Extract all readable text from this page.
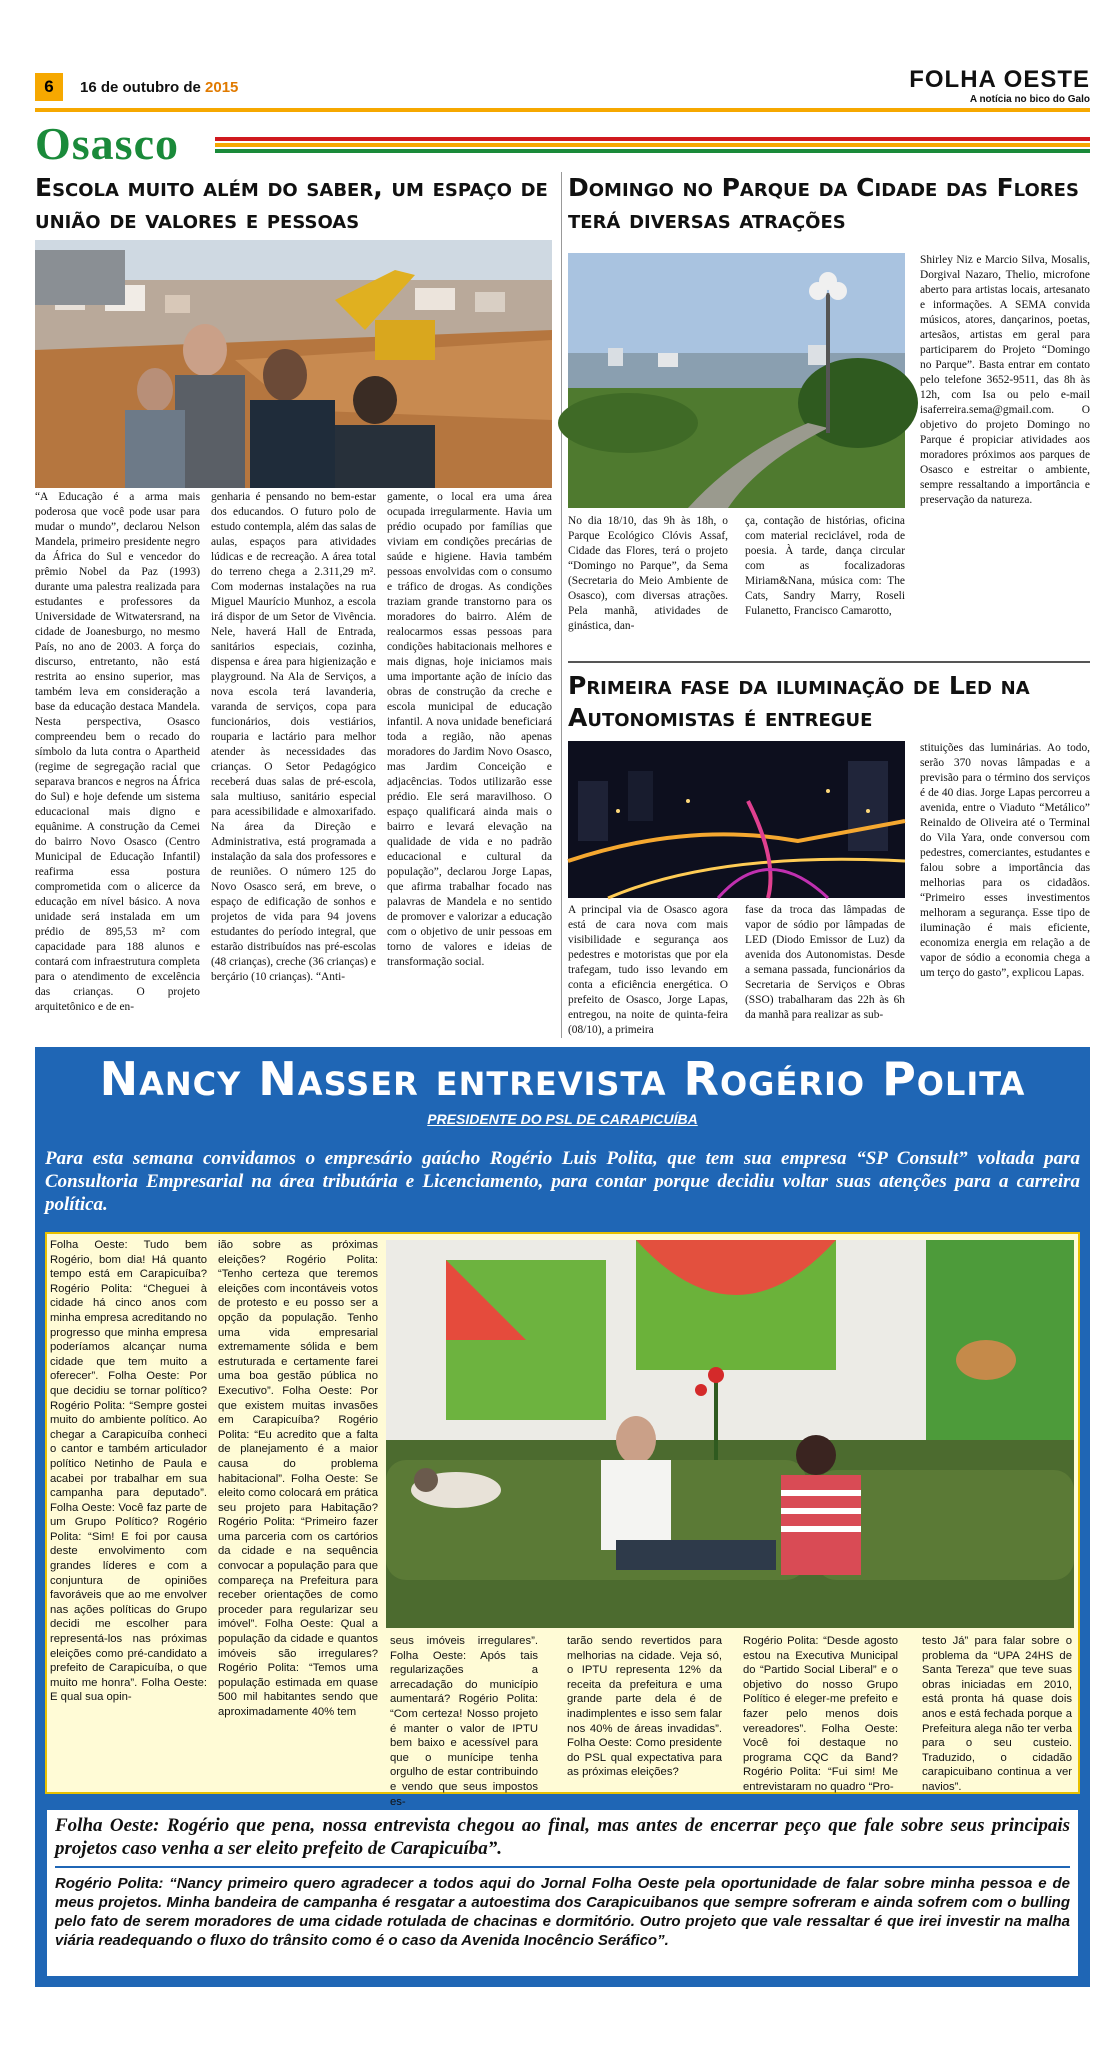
6	16 de outubro de 2015	FOLHA OESTE
A notícia no bico do Galo
Osasco
Escola muito além do saber, um espaço de união de valores e pessoas
“A Educação é a arma mais poderosa que você pode usar para mudar o mundo”, declarou Nelson Mandela, primeiro presidente negro da África do Sul e vencedor do prêmio Nobel da Paz (1993) durante uma palestra realizada para estudantes e professores da Universidade de Witwatersrand, na cidade de Joanesburgo, no mesmo País, no ano de 2003. A força do discurso, entretanto, não está restrita ao ensino superior, mas também leva em consideração a base da educação destaca Mandela. Nesta perspectiva, Osasco compreendeu bem o recado do símbolo da luta contra o Apartheid (regime de segregação racial que separava brancos e negros na África do Sul) e hoje defende um sistema educacional mais digno e equânime. A construção da Cemei do bairro Novo Osasco (Centro Municipal de Educação Infantil) reafirma essa postura comprometida com o alicerce da educação em nível básico. A nova unidade será instalada em um prédio de 895,53 m² com capacidade para 188 alunos e contará com infraestrutura completa para o atendimento de excelência das crianças. O projeto arquitetônico e de en-
genharia é pensando no bem-estar dos educandos. O futuro polo de estudo contempla, além das salas de aulas, espaços para atividades lúdicas e de recreação. A área total do terreno chega a 2.311,29 m². Com modernas instalações na rua Miguel Maurício Munhoz, a escola irá dispor de um Setor de Vivência. Nele, haverá Hall de Entrada, sanitários especiais, cozinha, dispensa e área para higienização e playground. Na Ala de Serviços, a nova escola terá lavanderia, varanda de serviços, copa para funcionários, dois vestiários, rouparia e lactário para melhor atender às necessidades das crianças. O Setor Pedagógico receberá duas salas de pré-escola, sala multiuso, sanitário especial para acessibilidade e almoxarifado. Na área da Direção e Administrativa, está programada a instalação da sala dos professores e de reuniões. O número 125 do Novo Osasco será, em breve, o espaço de edificação de sonhos e projetos de vida para 94 jovens estudantes do período integral, que estarão distribuídos nas pré-escolas (48 crianças), creche (36 crianças) e berçário (10 crianças). “Anti-
gamente, o local era uma área ocupada irregularmente. Havia um prédio ocupado por famílias que viviam em condições precárias de saúde e higiene. Havia também pessoas envolvidas com o consumo e tráfico de drogas. As condições traziam grande transtorno para os moradores do bairro. Além de realocarmos essas pessoas para condições habitacionais melhores e mais dignas, hoje iniciamos mais uma importante ação de início das obras de construção da creche e escola municipal de educação infantil. A nova unidade beneficiará toda a região, não apenas moradores do Jardim Novo Osasco, mas Jardim Conceição e adjacências. Todos utilizarão esse prédio. Ele será maravilhoso. O espaço qualificará ainda mais o bairro e levará elevação na qualidade de vida e no padrão educacional e cultural da população”, declarou Jorge Lapas, que afirma trabalhar focado nas palavras de Mandela e no sentido de promover e valorizar a educação com o objetivo de unir pessoas em torno de valores e ideias de transformação social.
Domingo no Parque da Cidade das Flores terá diversas atrações
No dia 18/10, das 9h às 18h, o Parque Ecológico Clóvis Assaf, Cidade das Flores, terá o projeto “Domingo no Parque”, da Sema (Secretaria do Meio Ambiente de Osasco), com diversas atrações. Pela manhã, atividades de ginástica, dan-
ça, contação de histórias, oficina com material reciclável, roda de poesia. À tarde, dança circular com as focalizadoras Miriam&Nana, música com: The Cats, Sandry Marry, Roseli Fulanetto, Francisco Camarotto,
Shirley Niz e Marcio Silva, Mosalis, Dorgival Nazaro, Thelio, microfone aberto para artistas locais, artesanato e informações. A SEMA convida músicos, atores, dançarinos, poetas, artesãos, artistas em geral para participarem do Projeto “Domingo no Parque”. Basta entrar em contato pelo telefone 3652-9511, das 8h às 12h, com Isa ou pelo e-mail isaferreira.sema@gmail.com. O objetivo do projeto Domingo no Parque é propiciar atividades aos moradores próximos aos parques de Osasco e estreitar o ambiente, sempre ressaltando a importância e preservação da natureza.
Primeira fase da iluminação de Led na Autonomistas é entregue
A principal via de Osasco agora está de cara nova com mais visibilidade e segurança aos pedestres e motoristas que por ela trafegam, tudo isso levando em conta a eficiência energética. O prefeito de Osasco, Jorge Lapas, entregou, na noite de quinta-feira (08/10), a primeira
fase da troca das lâmpadas de vapor de sódio por lâmpadas de LED (Diodo Emissor de Luz) da avenida dos Autonomistas. Desde a semana passada, funcionários da Secretaria de Serviços e Obras (SSO) trabalharam das 22h às 6h da manhã para realizar as sub-
stituições das luminárias. Ao todo, serão 370 novas lâmpadas e a previsão para o término dos serviços é de 40 dias. Jorge Lapas percorreu a avenida, entre o Viaduto “Metálico” Reinaldo de Oliveira até o Terminal do Vila Yara, onde conversou com pedestres, comerciantes, estudantes e falou sobre a importância das melhorias para os cidadãos. “Primeiro esses investimentos melhoram a segurança. Esse tipo de iluminação é mais eficiente, economiza energia em relação a de vapor de sódio a economia chega a um terço do gasto”, explicou Lapas.
Nancy Nasser entrevista Rogério Polita
PRESIDENTE DO PSL DE CARAPICUÍBA
Para esta semana convidamos o empresário gaúcho Rogério Luis Polita, que tem sua empresa “SP Consult” voltada para Consultoria Empresarial na área tributária e Licenciamento, para contar porque decidiu voltar suas atenções para a carreira política.
Folha Oeste: Tudo bem Rogério, bom dia! Há quanto tempo está em Carapicuíba? Rogério Polita: “Cheguei à cidade há cinco anos com minha empresa acreditando no progresso que minha empresa poderíamos alcançar numa cidade que tem muito a oferecer”. Folha Oeste: Por que decidiu se tornar político? Rogério Polita: “Sempre gostei muito do ambiente político. Ao chegar a Carapicuíba conheci o cantor e também articulador político Netinho de Paula e acabei por trabalhar em sua campanha para deputado”. Folha Oeste: Você faz parte de um Grupo Político? Rogério Polita: “Sim! E foi por causa deste envolvimento com grandes líderes e com a conjuntura de opiniões favoráveis que ao me envolver nas ações políticas do Grupo decidi me escolher para representá-los nas próximas eleições como pré-candidato a prefeito de Carapicuíba, o que muito me honra”. Folha Oeste: E qual sua opin-
ião sobre as próximas eleições? Rogério Polita: “Tenho certeza que teremos eleições com incontáveis votos de protesto e eu posso ser a opção da população. Tenho uma vida empresarial extremamente sólida e bem estruturada e certamente farei uma boa gestão pública no Executivo”. Folha Oeste: Por que existem muitas invasões em Carapicuíba? Rogério Polita: “Eu acredito que a falta de planejamento é a maior causa do problema habitacional”. Folha Oeste: Se eleito como colocará em prática seu projeto para Habitação? Rogério Polita: “Primeiro fazer uma parceria com os cartórios da cidade e na sequência convocar a população para que compareça na Prefeitura para receber orientações de como proceder para regularizar seu imóvel”. Folha Oeste: Qual a população da cidade e quantos imóveis são irregulares? Rogério Polita: “Temos uma população estimada em quase 500 mil habitantes sendo que aproximadamente 40% tem
seus imóveis irregulares”. Folha Oeste: Após tais regularizações a arrecadação do município aumentará? Rogério Polita: “Com certeza! Nosso projeto é manter o valor de IPTU bem baixo e acessível para que o munícipe tenha orgulho de estar contribuindo e vendo que seus impostos es-
tarão sendo revertidos para melhorias na cidade. Veja só, o IPTU representa 12% da receita da prefeitura e uma grande parte dela é de inadimplentes e isso sem falar nos 40% de áreas invadidas”. Folha Oeste: Como presidente do PSL qual expectativa para as próximas eleições?
Rogério Polita: “Desde agosto estou na Executiva Municipal do “Partido Social Liberal” e o objetivo do nosso Grupo Político é eleger-me prefeito e fazer pelo menos dois vereadores”. Folha Oeste: Você foi destaque no programa CQC da Band? Rogério Polita: “Fui sim! Me entrevistaram no quadro “Pro-
testo Já” para falar sobre o problema da “UPA 24HS de Santa Tereza” que teve suas obras iniciadas em 2010, está pronta há quase dois anos e está fechada porque a Prefeitura alega não ter verba para o seu custeio. Traduzido, o cidadão carapicuibano continua a ver navios”.
Folha Oeste: Rogério que pena, nossa entrevista chegou ao final, mas antes de encerrar peço que fale sobre seus principais projetos caso venha a ser eleito prefeito de Carapicuíba”.
Rogério Polita: “Nancy primeiro quero agradecer a todos aqui do Jornal Folha Oeste pela oportunidade de falar sobre minha pessoa e de meus projetos. Minha bandeira de campanha é resgatar a autoestima dos Carapicuibanos que sempre sofreram e ainda sofrem com o bulling pelo fato de serem moradores de uma cidade rotulada de chacinas e dormitório. Outro projeto que vale ressaltar é que irei investir na malha viária readequando o fluxo do trânsito como é o caso da Avenida Inocêncio Seráfico”.
